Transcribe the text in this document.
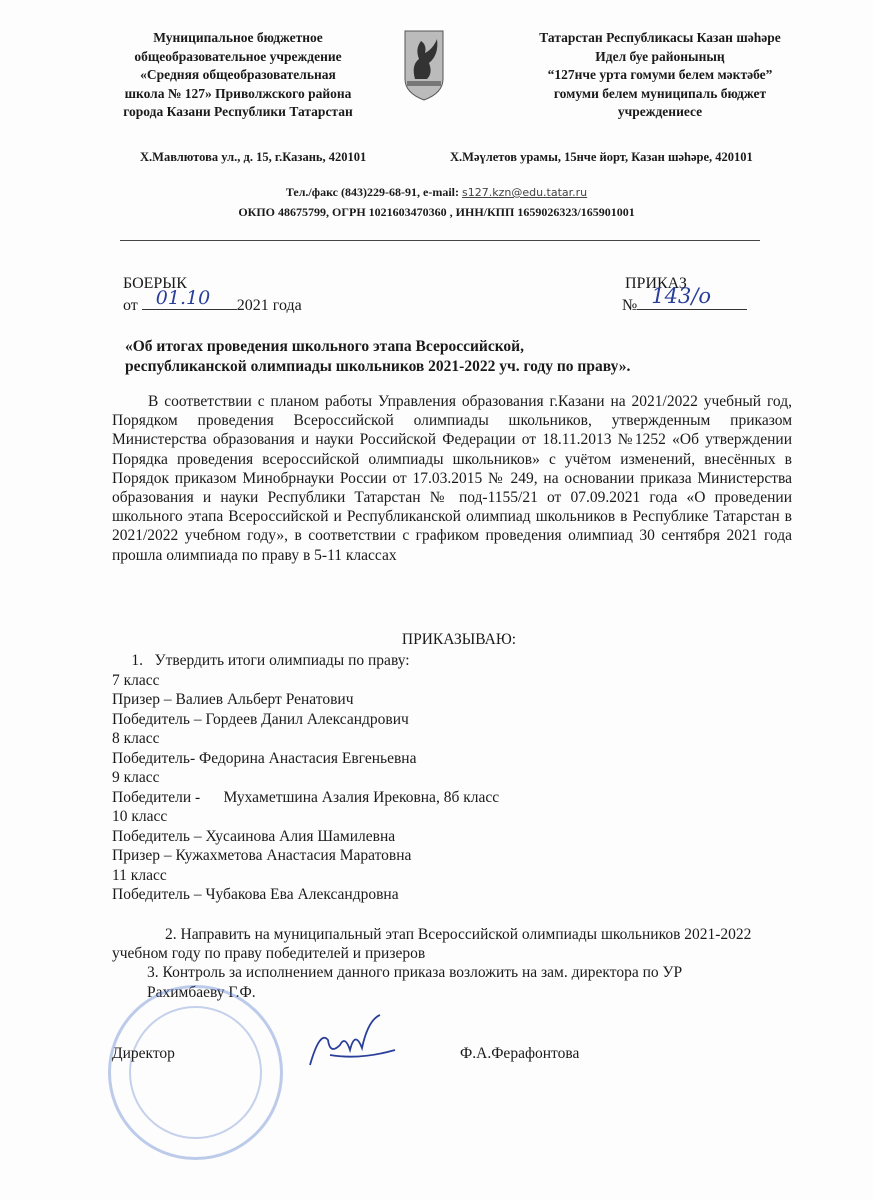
Муниципальное бюджетное
общеобразовательное учреждение
«Средняя общеобразовательная
школа № 127» Приволжского района
города Казани Республики Татарстан
Татарстан Республикасы Казан шәһәре
Идел буе районының
“127нче урта гомуми белем мәктәбе”
гомуми белем муниципаль бюджет
учреждениесе
Х.Мавлютова ул., д. 15, г.Казань, 420101	Х.Мәүлетов урамы, 15нче йорт, Казан шәһәре, 420101
Тел./факс (843)229-68-91, e-mail: s127.kzn@edu.tatar.ru
ОКПО 48675799, ОГРН 1021603470360 , ИНН/КПП 1659026323/165901001
БОЕРЫК
от 01.10 2021 года
ПРИКАЗ
№ 143/о
«Об итогах проведения школьного этапа Всероссийской,
республиканской олимпиады школьников 2021-2022 уч. году по праву».
В соответствии с планом работы Управления образования г.Казани на 2021/2022 учебный год, Порядком проведения Всероссийской олимпиады школьников, утвержденным приказом Министерства образования и науки Российской Федерации от 18.11.2013 №1252 «Об утверждении Порядка проведения всероссийской олимпиады школьников» с учётом изменений, внесённых в Порядок приказом Минобрнауки России от 17.03.2015 № 249, на основании приказа Министерства образования и науки Республики Татарстан № под-1155/21 от 07.09.2021 года «О проведении школьного этапа Всероссийской и Республиканской олимпиад школьников в Республике Татарстан в 2021/2022 учебном году», в соответствии с графиком проведения олимпиад 30 сентября 2021 года прошла олимпиада по праву в 5-11 классах
ПРИКАЗЫВАЮ:
1.   Утвердить итоги олимпиады по праву:
7 класс
Призер – Валиев Альберт Ренатович
Победитель – Гордеев Данил Александрович
8 класс
Победитель- Федорина Анастасия Евгеньевна
9 класс
Победители -      Мухаметшина Азалия Ирековна, 8б класс
10 класс
Победитель – Хусаинова Алия Шамилевна
Призер – Кужахметова Анастасия Маратовна
11 класс
Победитель – Чубакова Ева Александровна
2. Направить на муниципальный этап Всероссийской олимпиады школьников 2021-2022 учебном году по праву победителей и призеров
3. Контроль за исполнением данного приказа возложить на зам. директора по УР
Рахимбаеву Г.Ф.
Директор	Ф.А.Ферафонтова
